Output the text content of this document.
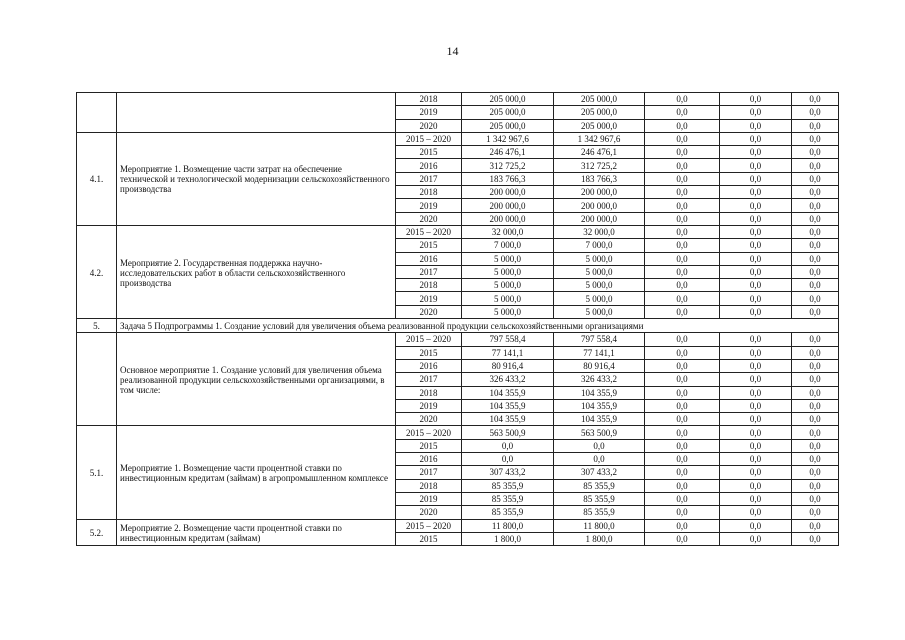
14
		2018	205 000,0	205 000,0	0,0	0,0	0,0
		2019	205 000,0	205 000,0	0,0	0,0	0,0
		2020	205 000,0	205 000,0	0,0	0,0	0,0
4.1.	Мероприятие 1. Возмещение части затрат на обеспечение технической и технологической модернизации сельскохозяйственного производства	2015 – 2020	1 342 967,6	1 342 967,6	0,0	0,0	0,0
		2015	246 476,1	246 476,1	0,0	0,0	0,0
		2016	312 725,2	312 725,2	0,0	0,0	0,0
		2017	183 766,3	183 766,3	0,0	0,0	0,0
		2018	200 000,0	200 000,0	0,0	0,0	0,0
		2019	200 000,0	200 000,0	0,0	0,0	0,0
		2020	200 000,0	200 000,0	0,0	0,0	0,0
4.2.	Мероприятие 2. Государственная поддержка научно-исследовательских работ в области сельскохозяйственного производства	2015 – 2020	32 000,0	32 000,0	0,0	0,0	0,0
		2015	7 000,0	7 000,0	0,0	0,0	0,0
		2016	5 000,0	5 000,0	0,0	0,0	0,0
		2017	5 000,0	5 000,0	0,0	0,0	0,0
		2018	5 000,0	5 000,0	0,0	0,0	0,0
		2019	5 000,0	5 000,0	0,0	0,0	0,0
		2020	5 000,0	5 000,0	0,0	0,0	0,0
5.	Задача 5 Подпрограммы 1. Создание условий для увеличения объема реализованной продукции сельскохозяйственными организациями						
	Основное мероприятие 1. Создание условий для увеличения объема реализованной продукции сельскохозяйственными организациями, в том числе:	2015 – 2020	797 558,4	797 558,4	0,0	0,0	0,0
		2015	77 141,1	77 141,1	0,0	0,0	0,0
		2016	80 916,4	80 916,4	0,0	0,0	0,0
		2017	326 433,2	326 433,2	0,0	0,0	0,0
		2018	104 355,9	104 355,9	0,0	0,0	0,0
		2019	104 355,9	104 355,9	0,0	0,0	0,0
		2020	104 355,9	104 355,9	0,0	0,0	0,0
5.1.	Мероприятие 1. Возмещение части процентной ставки по инвестиционным кредитам (займам) в агропромышленном комплексе	2015 – 2020	563 500,9	563 500,9	0,0	0,0	0,0
		2015	0,0	0,0	0,0	0,0	0,0
		2016	0,0	0,0	0,0	0,0	0,0
		2017	307 433,2	307 433,2	0,0	0,0	0,0
		2018	85 355,9	85 355,9	0,0	0,0	0,0
		2019	85 355,9	85 355,9	0,0	0,0	0,0
		2020	85 355,9	85 355,9	0,0	0,0	0,0
5.2.	Мероприятие 2. Возмещение части процентной ставки по инвестиционным кредитам (займам)	2015 – 2020	11 800,0	11 800,0	0,0	0,0	0,0
		2015	1 800,0	1 800,0	0,0	0,0	0,0
